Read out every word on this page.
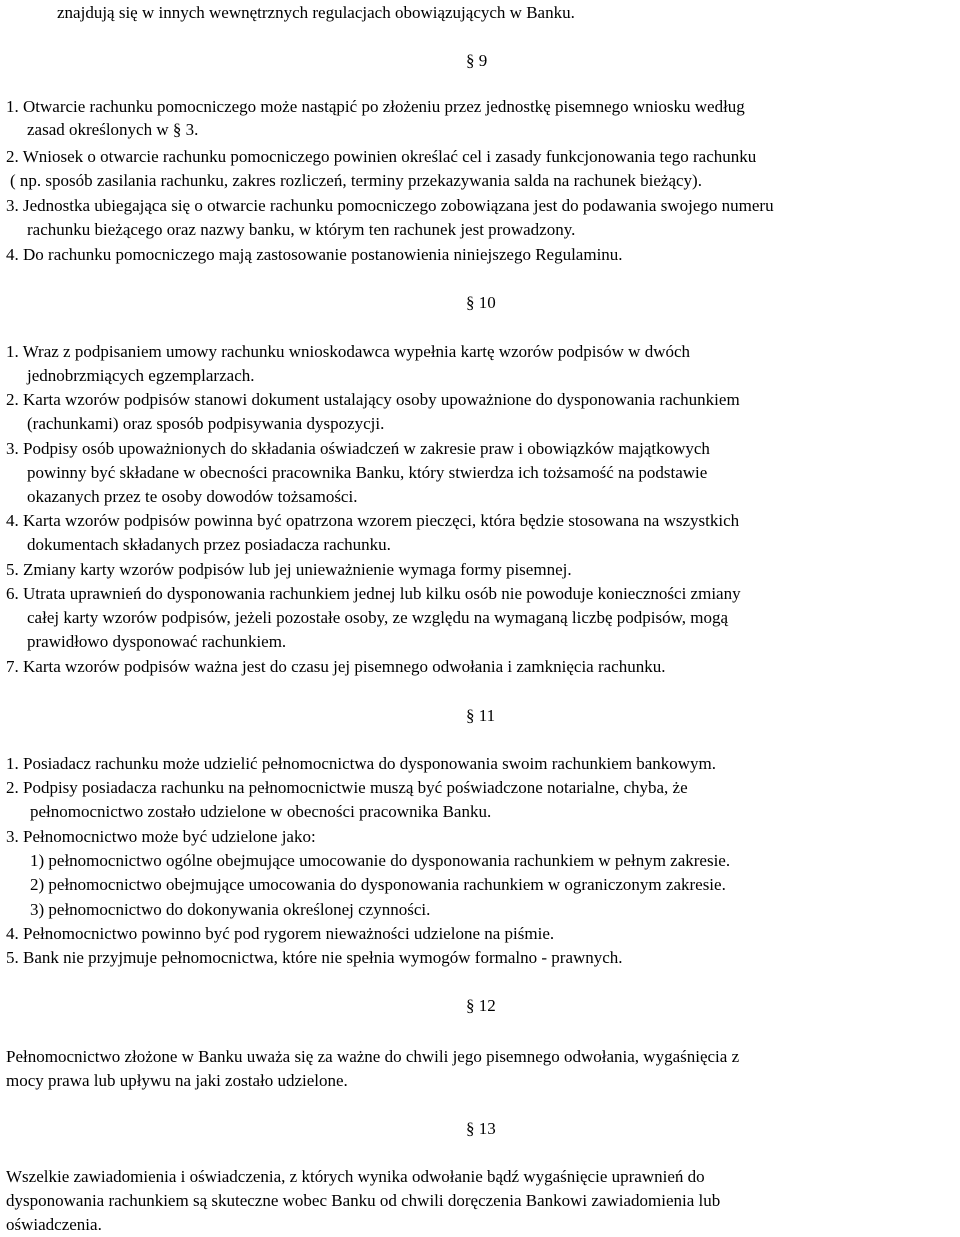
znajdują się w innych wewnętrznych regulacjach obowiązujących w Banku.
§ 9
1. Otwarcie rachunku pomocniczego może nastąpić po złożeniu przez jednostkę pisemnego wniosku według
zasad określonych w § 3.
2. Wniosek o otwarcie rachunku pomocniczego powinien określać cel i zasady funkcjonowania tego rachunku
( np. sposób zasilania rachunku, zakres rozliczeń, terminy przekazywania salda na rachunek bieżący).
3. Jednostka ubiegająca się o otwarcie rachunku pomocniczego zobowiązana jest do podawania swojego numeru
rachunku bieżącego oraz nazwy banku, w którym ten rachunek jest prowadzony.
4. Do rachunku pomocniczego mają zastosowanie postanowienia niniejszego Regulaminu.
§ 10
1. Wraz z podpisaniem umowy rachunku wnioskodawca wypełnia kartę wzorów podpisów w dwóch
jednobrzmiących egzemplarzach.
2. Karta wzorów podpisów stanowi dokument ustalający osoby upoważnione do dysponowania rachunkiem
(rachunkami) oraz sposób podpisywania dyspozycji.
3. Podpisy osób upoważnionych do składania oświadczeń w zakresie praw i obowiązków majątkowych
powinny być składane w obecności pracownika Banku, który stwierdza ich tożsamość na podstawie
okazanych przez te osoby dowodów tożsamości.
4. Karta wzorów podpisów powinna być opatrzona wzorem pieczęci, która będzie stosowana na wszystkich
dokumentach składanych przez posiadacza rachunku.
5. Zmiany karty wzorów podpisów lub jej unieważnienie wymaga formy pisemnej.
6. Utrata uprawnień do dysponowania rachunkiem jednej lub kilku osób nie powoduje konieczności zmiany
całej karty wzorów podpisów, jeżeli pozostałe osoby, ze względu na wymaganą liczbę podpisów, mogą
prawidłowo dysponować rachunkiem.
7. Karta wzorów podpisów ważna jest do czasu jej pisemnego odwołania i zamknięcia rachunku.
§ 11
1. Posiadacz rachunku może udzielić pełnomocnictwa do dysponowania swoim rachunkiem bankowym.
2. Podpisy posiadacza rachunku na pełnomocnictwie muszą być poświadczone notarialne, chyba, że
pełnomocnictwo zostało udzielone w obecności pracownika Banku.
3. Pełnomocnictwo może być udzielone jako:
1) pełnomocnictwo ogólne obejmujące umocowanie do dysponowania rachunkiem w pełnym zakresie.
2) pełnomocnictwo obejmujące umocowania do dysponowania rachunkiem w ograniczonym zakresie.
3) pełnomocnictwo do dokonywania określonej czynności.
4. Pełnomocnictwo powinno być pod rygorem nieważności udzielone na piśmie.
5. Bank nie przyjmuje pełnomocnictwa, które nie spełnia wymogów formalno - prawnych.
§ 12
Pełnomocnictwo złożone w Banku uważa się za ważne do chwili jego pisemnego odwołania, wygaśnięcia z
mocy prawa lub upływu na jaki zostało udzielone.
§ 13
Wszelkie zawiadomienia i oświadczenia, z których wynika odwołanie bądź wygaśnięcie uprawnień do
dysponowania rachunkiem są skuteczne wobec Banku od chwili doręczenia Bankowi zawiadomienia lub
oświadczenia.
